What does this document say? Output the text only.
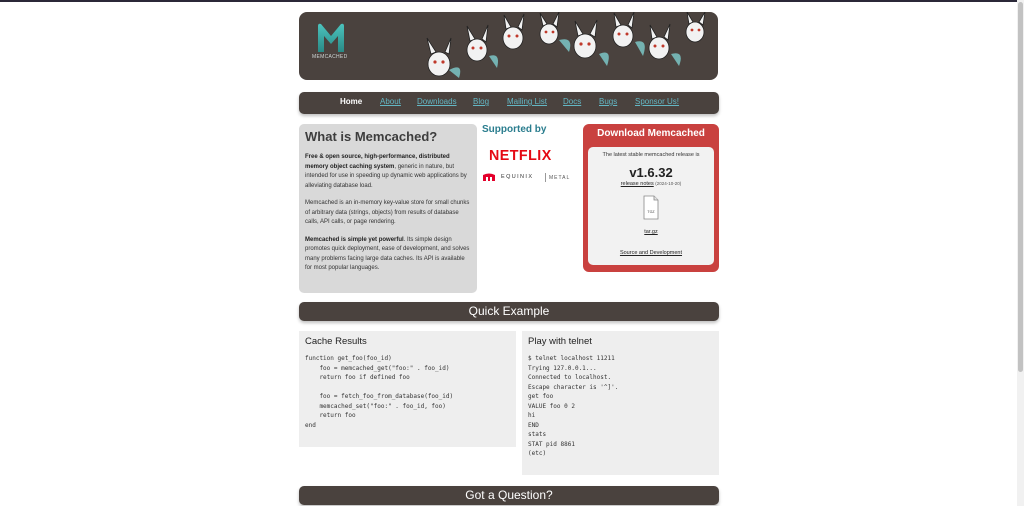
MEMCACHED
Home About Downloads Blog Mailing List Docs Bugs Sponsor Us!
What is Memcached?

Free & open source, high-performance, distributed memory object caching system, generic in nature, but intended for use in speeding up dynamic web applications by alleviating database load.

Memcached is an in-memory key-value store for small chunks of arbitrary data (strings, objects) from results of database calls, API calls, or page rendering.

Memcached is simple yet powerful. Its simple design promotes quick deployment, ease of development, and solves many problems facing large data caches. Its API is available for most popular languages.

Supported by
NETFLIX
EQUINIX	METAL
Download Memcached
The latest stable memcached release is
v1.6.32
release notes (2024-10-20)
TGZ
tar.gz
Source and Development
Quick Example
Cache Results
function get_foo(foo_id)
foo = memcached_get("foo:" . foo_id)
return foo if defined foo

foo = fetch_foo_from_database(foo_id)
memcached_set("foo:" . foo_id, foo)
return foo
end
Play with telnet
$ telnet localhost 11211
Trying 127.0.0.1...
Connected to localhost.
Escape character is '^]'.
get foo
VALUE foo 0 2
hi
END
stats
STAT pid 8861
(etc)
Got a Question?
